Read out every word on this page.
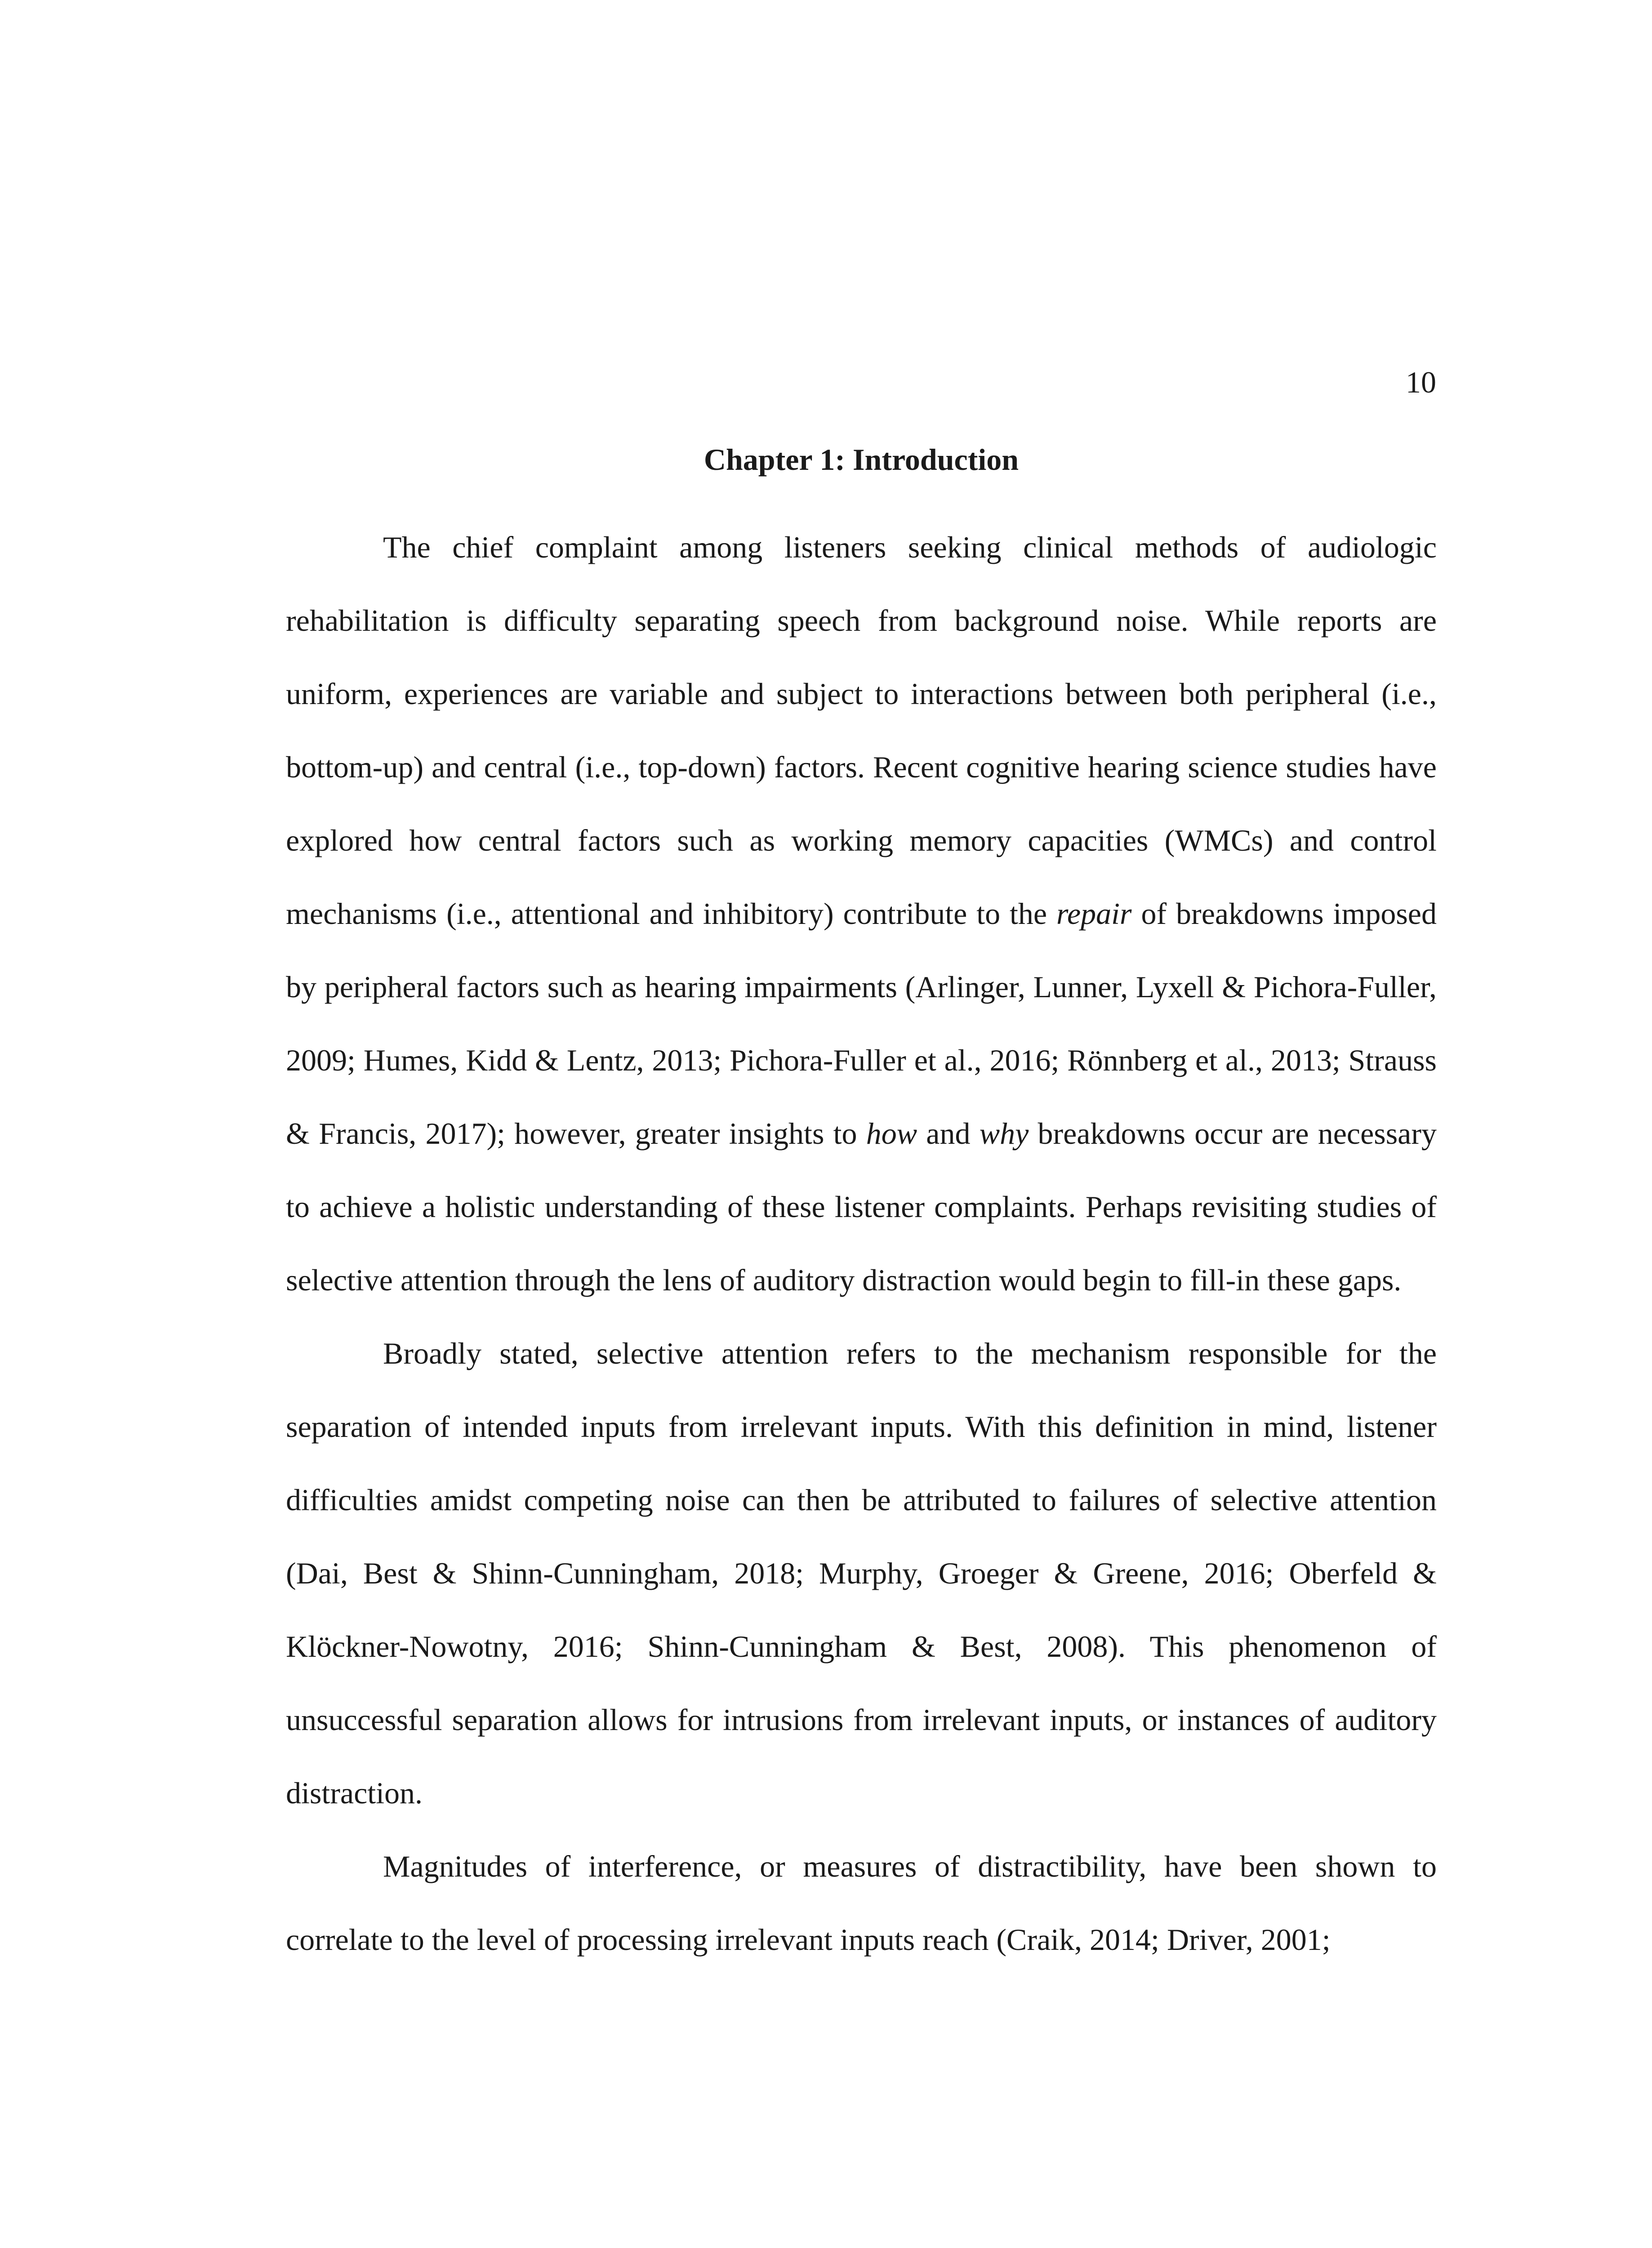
10
Chapter 1: Introduction

The chief complaint among listeners seeking clinical methods of audiologic rehabilitation is difficulty separating speech from background noise. While reports are uniform, experiences are variable and subject to interactions between both peripheral (i.e., bottom-up) and central (i.e., top-down) factors. Recent cognitive hearing science studies have explored how central factors such as working memory capacities (WMCs) and control mechanisms (i.e., attentional and inhibitory) contribute to the repair of breakdowns imposed by peripheral factors such as hearing impairments (Arlinger, Lunner, Lyxell & Pichora-Fuller, 2009; Humes, Kidd & Lentz, 2013; Pichora-Fuller et al., 2016; Rönnberg et al., 2013; Strauss & Francis, 2017); however, greater insights to how and why breakdowns occur are necessary to achieve a holistic understanding of these listener complaints. Perhaps revisiting studies of selective attention through the lens of auditory distraction would begin to fill-in these gaps.

Broadly stated, selective attention refers to the mechanism responsible for the separation of intended inputs from irrelevant inputs. With this definition in mind, listener difficulties amidst competing noise can then be attributed to failures of selective attention (Dai, Best & Shinn-Cunningham, 2018; Murphy, Groeger & Greene, 2016; Oberfeld & Klöckner-Nowotny, 2016; Shinn-Cunningham & Best, 2008). This phenomenon of unsuccessful separation allows for intrusions from irrelevant inputs, or instances of auditory distraction.

Magnitudes of interference, or measures of distractibility, have been shown to correlate to the level of processing irrelevant inputs reach (Craik, 2014; Driver, 2001;
